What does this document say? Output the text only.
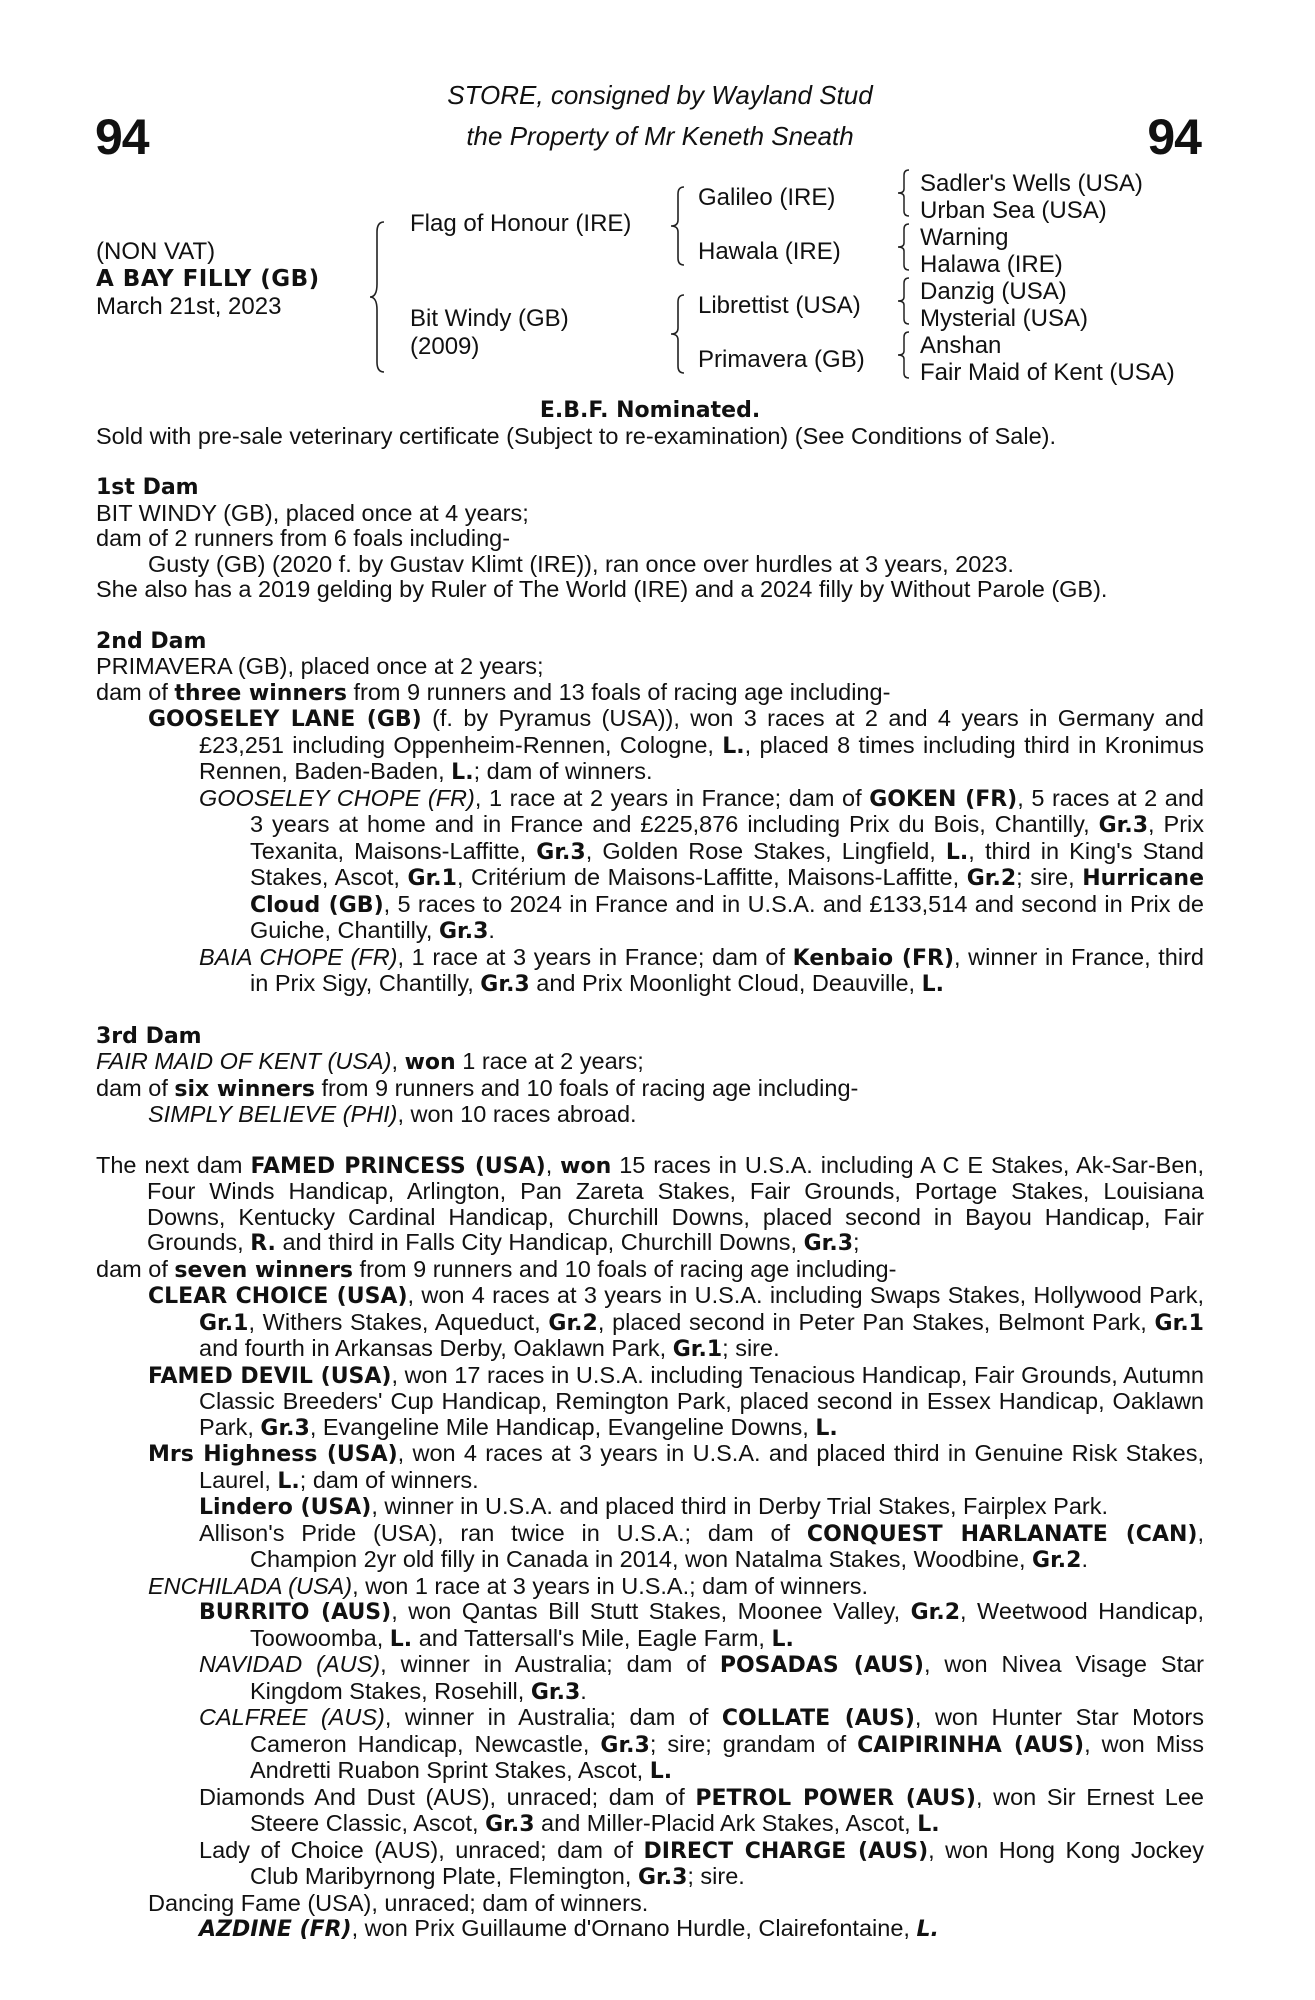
94	94
STORE, consigned by Wayland Stud
the Property of Mr Keneth Sneath
(NON VAT)
A BAY FILLY (GB)
March 21st, 2023
Flag of Honour (IRE)
Bit Windy (GB)
(2009)
Galileo (IRE)
Hawala (IRE)
Librettist (USA)
Primavera (GB)
Sadler's Wells (USA)
Urban Sea (USA)
Warning
Halawa (IRE)
Danzig (USA)
Mysterial (USA)
Anshan
Fair Maid of Kent (USA)
E.B.F. Nominated.
Sold with pre-sale veterinary certificate (Subject to re-examination) (See Conditions of Sale).
1st Dam
BIT WINDY (GB), placed once at 4 years;
dam of 2 runners from 6 foals including-
Gusty (GB) (2020 f. by Gustav Klimt (IRE)), ran once over hurdles at 3 years, 2023.
She also has a 2019 gelding by Ruler of The World (IRE) and a 2024 filly by Without Parole (GB).
2nd Dam
PRIMAVERA (GB), placed once at 2 years;
dam of three winners from 9 runners and 13 foals of racing age including-
GOOSELEY LANE (GB) (f. by Pyramus (USA)), won 3 races at 2 and 4 years in Germany and £23,251 including Oppenheim-Rennen, Cologne, L., placed 8 times including third in Kronimus Rennen, Baden-Baden, L.; dam of winners.
GOOSELEY CHOPE (FR), 1 race at 2 years in France; dam of GOKEN (FR), 5 races at 2 and 3 years at home and in France and £225,876 including Prix du Bois, Chantilly, Gr.3, Prix Texanita, Maisons-Laffitte, Gr.3, Golden Rose Stakes, Lingfield, L., third in King's Stand Stakes, Ascot, Gr.1, Critérium de Maisons-Laffitte, Maisons-Laffitte, Gr.2; sire, Hurricane Cloud (GB), 5 races to 2024 in France and in U.S.A. and £133,514 and second in Prix de Guiche, Chantilly, Gr.3.
BAIA CHOPE (FR), 1 race at 3 years in France; dam of Kenbaio (FR), winner in France, third in Prix Sigy, Chantilly, Gr.3 and Prix Moonlight Cloud, Deauville, L.
3rd Dam
FAIR MAID OF KENT (USA), won 1 race at 2 years;
dam of six winners from 9 runners and 10 foals of racing age including-
SIMPLY BELIEVE (PHI), won 10 races abroad.
The next dam FAMED PRINCESS (USA), won 15 races in U.S.A. including A C E Stakes, Ak-Sar-Ben, Four Winds Handicap, Arlington, Pan Zareta Stakes, Fair Grounds, Portage Stakes, Louisiana Downs, Kentucky Cardinal Handicap, Churchill Downs, placed second in Bayou Handicap, Fair Grounds, R. and third in Falls City Handicap, Churchill Downs, Gr.3;
dam of seven winners from 9 runners and 10 foals of racing age including-
CLEAR CHOICE (USA), won 4 races at 3 years in U.S.A. including Swaps Stakes, Hollywood Park, Gr.1, Withers Stakes, Aqueduct, Gr.2, placed second in Peter Pan Stakes, Belmont Park, Gr.1 and fourth in Arkansas Derby, Oaklawn Park, Gr.1; sire.
FAMED DEVIL (USA), won 17 races in U.S.A. including Tenacious Handicap, Fair Grounds, Autumn Classic Breeders' Cup Handicap, Remington Park, placed second in Essex Handicap, Oaklawn Park, Gr.3, Evangeline Mile Handicap, Evangeline Downs, L.
Mrs Highness (USA), won 4 races at 3 years in U.S.A. and placed third in Genuine Risk Stakes, Laurel, L.; dam of winners.
Lindero (USA), winner in U.S.A. and placed third in Derby Trial Stakes, Fairplex Park.
Allison's Pride (USA), ran twice in U.S.A.; dam of CONQUEST HARLANATE (CAN), Champion 2yr old filly in Canada in 2014, won Natalma Stakes, Woodbine, Gr.2.
ENCHILADA (USA), won 1 race at 3 years in U.S.A.; dam of winners.
BURRITO (AUS), won Qantas Bill Stutt Stakes, Moonee Valley, Gr.2, Weetwood Handicap, Toowoomba, L. and Tattersall's Mile, Eagle Farm, L.
NAVIDAD (AUS), winner in Australia; dam of POSADAS (AUS), won Nivea Visage Star Kingdom Stakes, Rosehill, Gr.3.
CALFREE (AUS), winner in Australia; dam of COLLATE (AUS), won Hunter Star Motors Cameron Handicap, Newcastle, Gr.3; sire; grandam of CAIPIRINHA (AUS), won Miss Andretti Ruabon Sprint Stakes, Ascot, L.
Diamonds And Dust (AUS), unraced; dam of PETROL POWER (AUS), won Sir Ernest Lee Steere Classic, Ascot, Gr.3 and Miller-Placid Ark Stakes, Ascot, L.
Lady of Choice (AUS), unraced; dam of DIRECT CHARGE (AUS), won Hong Kong Jockey Club Maribyrnong Plate, Flemington, Gr.3; sire.
Dancing Fame (USA), unraced; dam of winners.
AZDINE (FR), won Prix Guillaume d'Ornano Hurdle, Clairefontaine, L.
